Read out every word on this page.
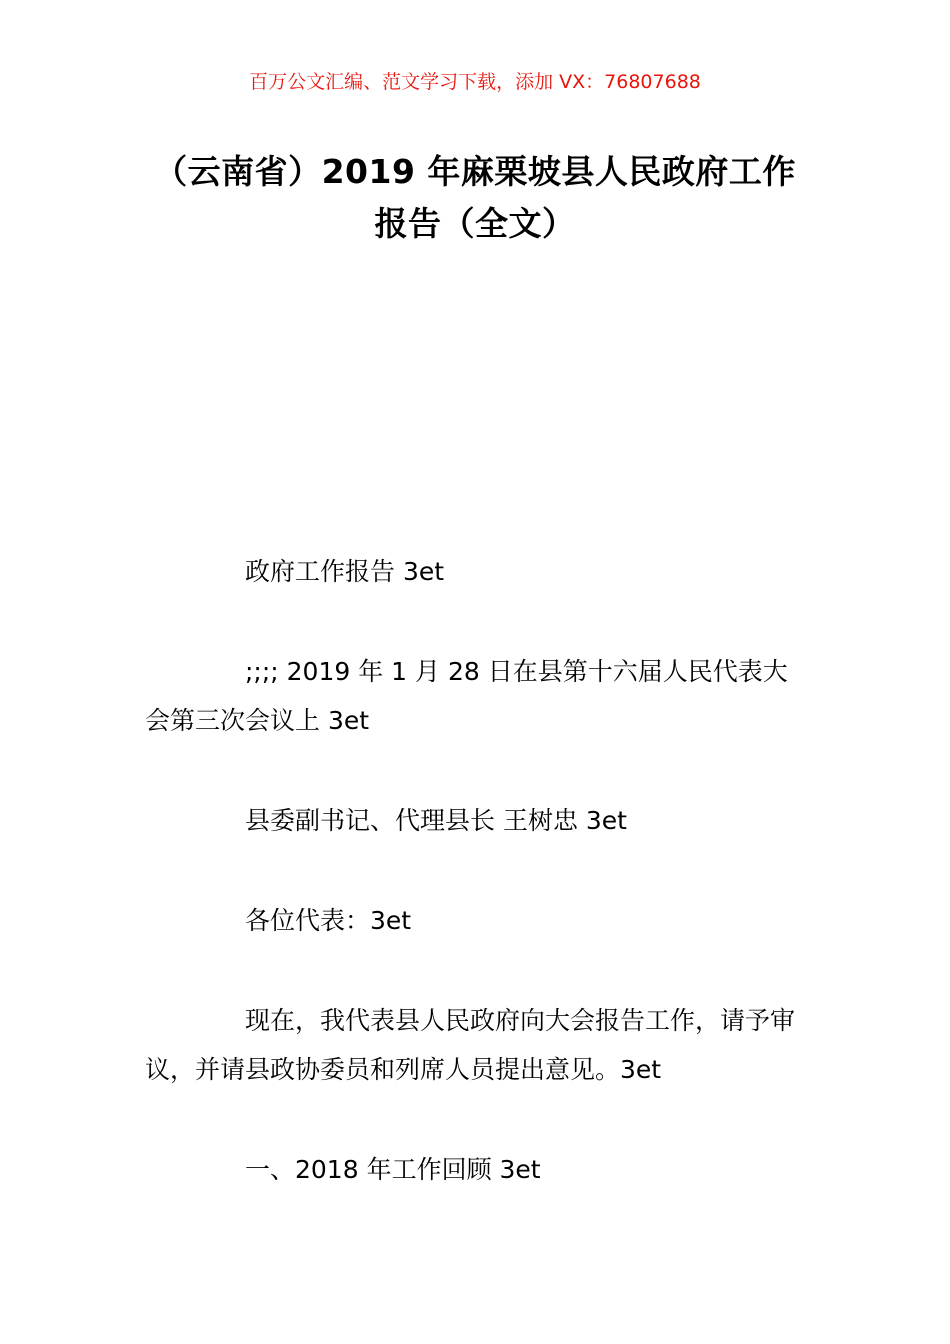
百万公文汇编、范文学习下载，添加 VX：76807688
（云南省）2019 年麻栗坡县人民政府工作
报告（全文）
政府工作报告 3et
;;;; 2019 年 1 月 28 日在县第十六届人民代表大会第三次会议上 3et
县委副书记、代理县长 王树忠 3et
各位代表：3et
现在，我代表县人民政府向大会报告工作，请予审议，并请县政协委员和列席人员提出意见。3et
一、2018 年工作回顾 3et
